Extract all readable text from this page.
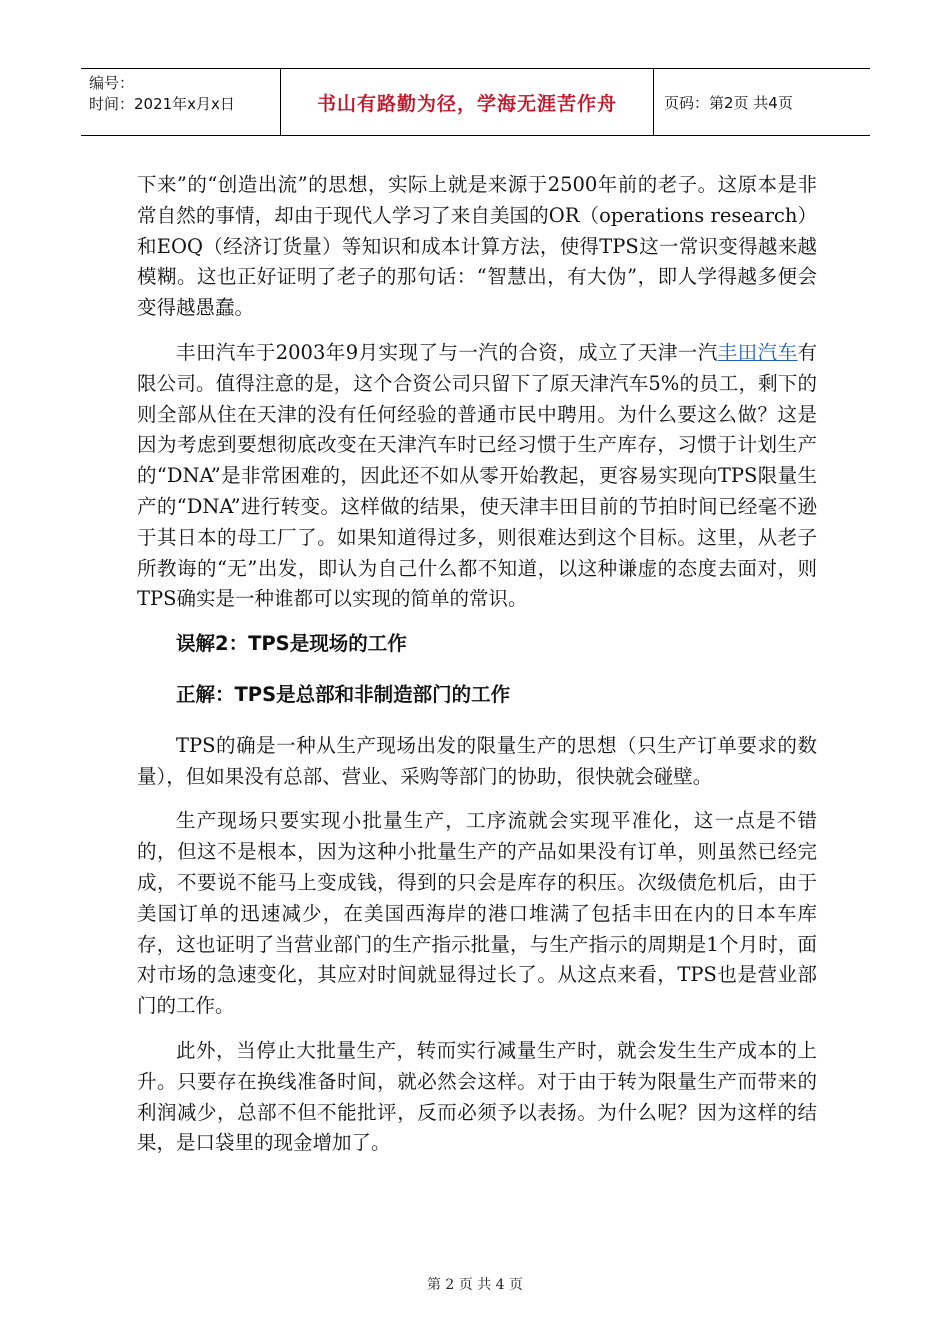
编号：
时间：2021年x月x日	书山有路勤为径，学海无涯苦作舟	页码：第2页 共4页

下来”的“创造出流”的思想，实际上就是来源于2500年前的老子。这原本是非常自然的事情，却由于现代人学习了来自美国的OR（operations research）和EOQ（经济订货量）等知识和成本计算方法，使得TPS这一常识变得越来越模糊。这也正好证明了老子的那句话：“智慧出，有大伪”，即人学得越多便会变得越愚蠢。

丰田汽车于2003年9月实现了与一汽的合资，成立了天津一汽丰田汽车有限公司。值得注意的是，这个合资公司只留下了原天津汽车5%的员工，剩下的则全部从住在天津的没有任何经验的普通市民中聘用。为什么要这么做？这是因为考虑到要想彻底改变在天津汽车时已经习惯于生产库存，习惯于计划生产的“DNA”是非常困难的，因此还不如从零开始教起，更容易实现向TPS限量生产的“DNA”进行转变。这样做的结果，使天津丰田目前的节拍时间已经毫不逊于其日本的母工厂了。如果知道得过多，则很难达到这个目标。这里，从老子所教诲的“无”出发，即认为自己什么都不知道，以这种谦虚的态度去面对，则TPS确实是一种谁都可以实现的简单的常识。

误解2：TPS是现场的工作

正解：TPS是总部和非制造部门的工作

TPS的确是一种从生产现场出发的限量生产的思想（只生产订单要求的数量），但如果没有总部、营业、采购等部门的协助，很快就会碰壁。

生产现场只要实现小批量生产，工序流就会实现平准化，这一点是不错的，但这不是根本，因为这种小批量生产的产品如果没有订单，则虽然已经完成，不要说不能马上变成钱，得到的只会是库存的积压。次级债危机后，由于美国订单的迅速减少，在美国西海岸的港口堆满了包括丰田在内的日本车库存，这也证明了当营业部门的生产指示批量，与生产指示的周期是1个月时，面对市场的急速变化，其应对时间就显得过长了。从这点来看，TPS也是营业部门的工作。

此外，当停止大批量生产，转而实行减量生产时，就会发生生产成本的上升。只要存在换线准备时间，就必然会这样。对于由于转为限量生产而带来的利润减少，总部不但不能批评，反而必须予以表扬。为什么呢？因为这样的结果，是口袋里的现金增加了。

第 2 页 共 4 页
